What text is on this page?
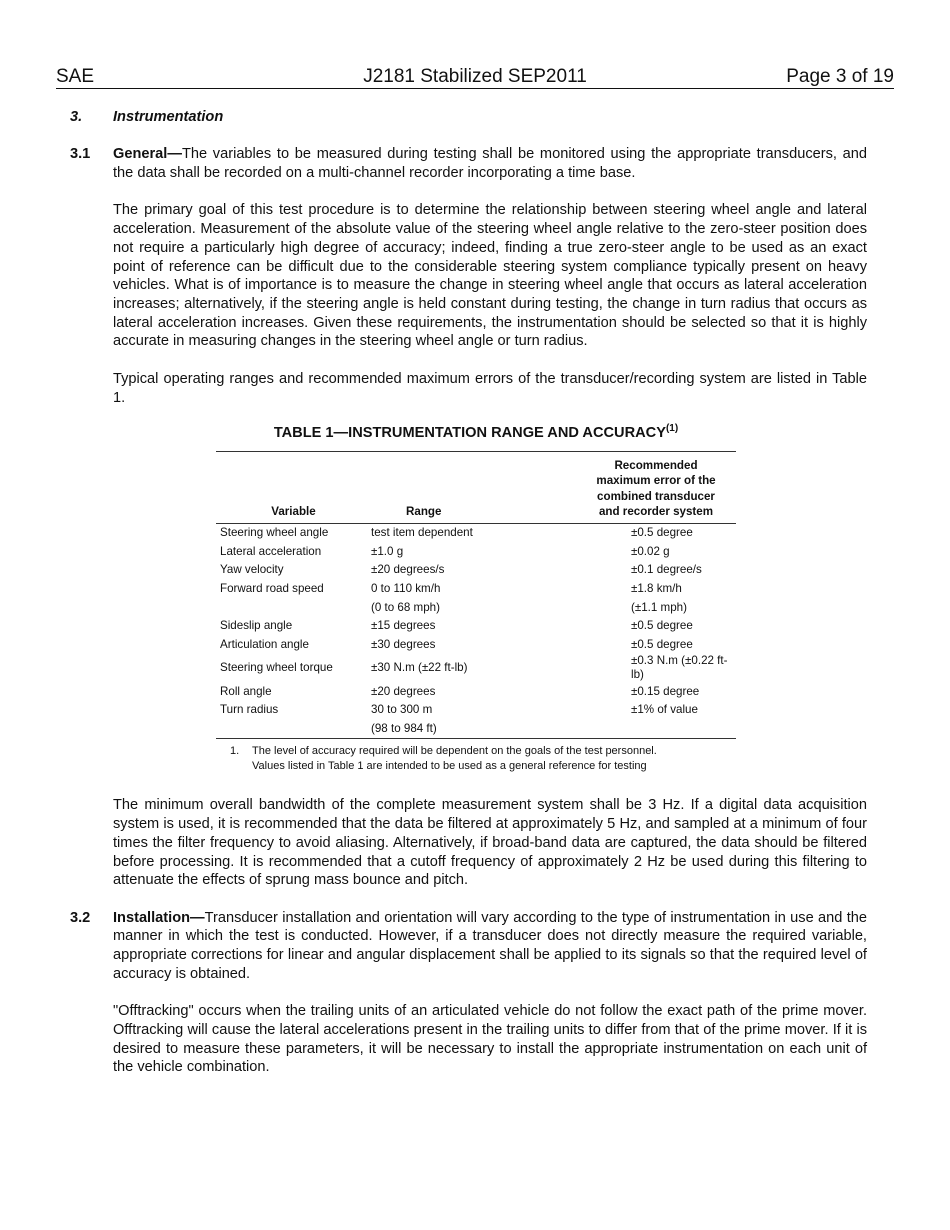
SAE	J2181 Stabilized SEP2011	Page 3 of 19
3. Instrumentation
3.1 General—The variables to be measured during testing shall be monitored using the appropriate transducers, and the data shall be recorded on a multi-channel recorder incorporating a time base.
The primary goal of this test procedure is to determine the relationship between steering wheel angle and lateral acceleration. Measurement of the absolute value of the steering wheel angle relative to the zero-steer position does not require a particularly high degree of accuracy; indeed, finding a true zero-steer angle to be used as an exact point of reference can be difficult due to the considerable steering system compliance typically present on heavy vehicles. What is of importance is to measure the change in steering wheel angle that occurs as lateral acceleration increases; alternatively, if the steering angle is held constant during testing, the change in turn radius that occurs as lateral acceleration increases. Given these requirements, the instrumentation should be selected so that it is highly accurate in measuring changes in the steering wheel angle or turn radius.
Typical operating ranges and recommended maximum errors of the transducer/recording system are listed in Table 1.
TABLE 1—INSTRUMENTATION RANGE AND ACCURACY$^{(1)}$
Variable	Range	Recommended maximum error of the combined transducer and recorder system
Steering wheel angle	test item dependent	±0.5 degree
Lateral acceleration	±1.0 g	±0.02 g
Yaw velocity	±20 degrees/s	±0.1 degree/s
Forward road speed	0 to 110 km/h	±1.8 km/h
	(0 to 68 mph)	(±1.1 mph)
Sideslip angle	±15 degrees	±0.5 degree
Articulation angle	±30 degrees	±0.5 degree
Steering wheel torque	±30 N.m (±22 ft-lb)	±0.3 N.m (±0.22 ft-lb)
Roll angle	±20 degrees	±0.15 degree
Turn radius	30 to 300 m	±1% of value
	(98 to 984 ft)	
1. The level of accuracy required will be dependent on the goals of the test personnel.
Values listed in Table 1 are intended to be used as a general reference for testing
The minimum overall bandwidth of the complete measurement system shall be 3 Hz. If a digital data acquisition system is used, it is recommended that the data be filtered at approximately 5 Hz, and sampled at a minimum of four times the filter frequency to avoid aliasing. Alternatively, if broad-band data are captured, the data should be filtered before processing. It is recommended that a cutoff frequency of approximately 2 Hz be used during this filtering to attenuate the effects of sprung mass bounce and pitch.
3.2 Installation—Transducer installation and orientation will vary according to the type of instrumentation in use and the manner in which the test is conducted. However, if a transducer does not directly measure the required variable, appropriate corrections for linear and angular displacement shall be applied to its signals so that the required level of accuracy is obtained.
"Offtracking" occurs when the trailing units of an articulated vehicle do not follow the exact path of the prime mover. Offtracking will cause the lateral accelerations present in the trailing units to differ from that of the prime mover. If it is desired to measure these parameters, it will be necessary to install the appropriate instrumentation on each unit of the vehicle combination.
